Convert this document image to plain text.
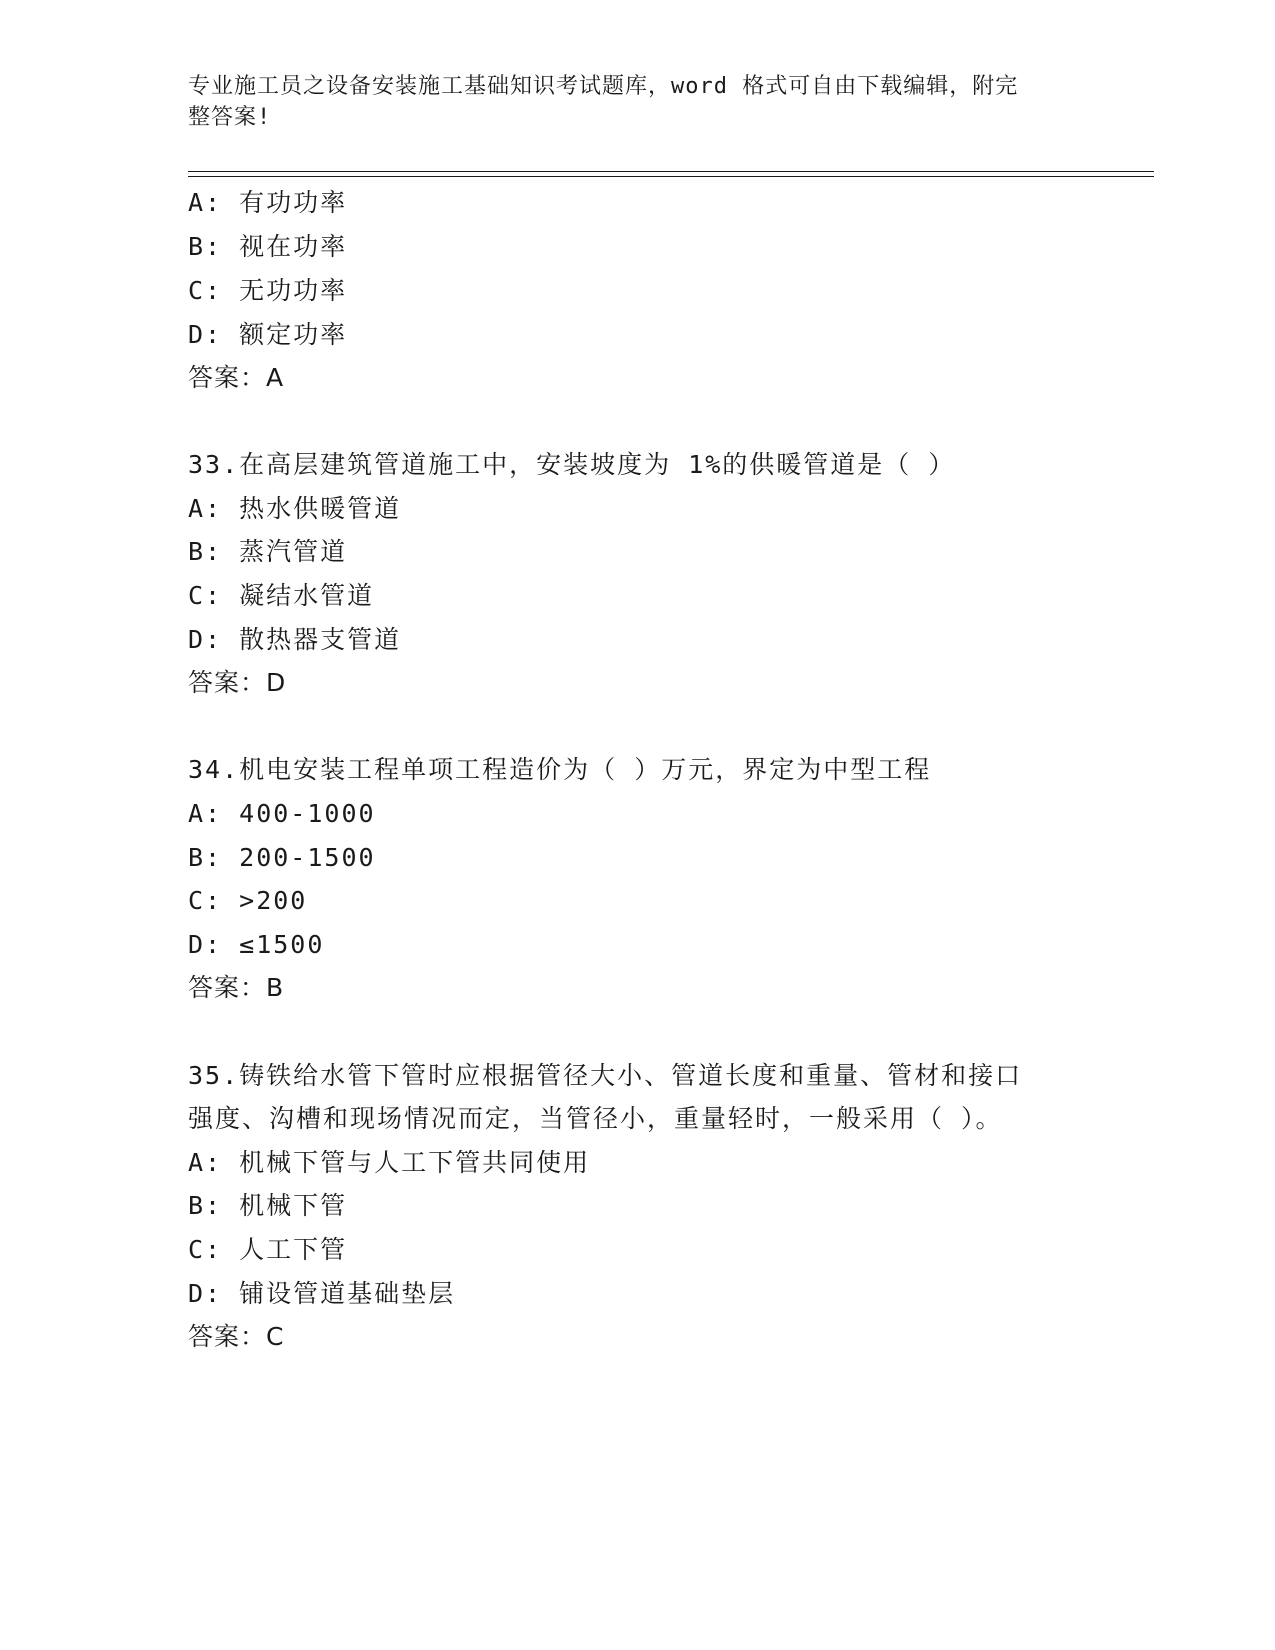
专业施工员之设备安装施工基础知识考试题库，word 格式可自由下载编辑，附完
整答案!
A: 有功功率
B: 视在功率
C: 无功功率
D: 额定功率
答案：A
33.在高层建筑管道施工中，安装坡度为 1%的供暖管道是（ ）
A: 热水供暖管道
B: 蒸汽管道
C: 凝结水管道
D: 散热器支管道
答案：D
34.机电安装工程单项工程造价为（ ）万元，界定为中型工程
A: 400-1000
B: 200-1500
C: >200
D: ≤1500
答案：B
35.铸铁给水管下管时应根据管径大小、管道长度和重量、管材和接口
强度、沟槽和现场情况而定，当管径小，重量轻时，一般采用（ ）。
A: 机械下管与人工下管共同使用
B: 机械下管
C: 人工下管
D: 铺设管道基础垫层
答案：C
